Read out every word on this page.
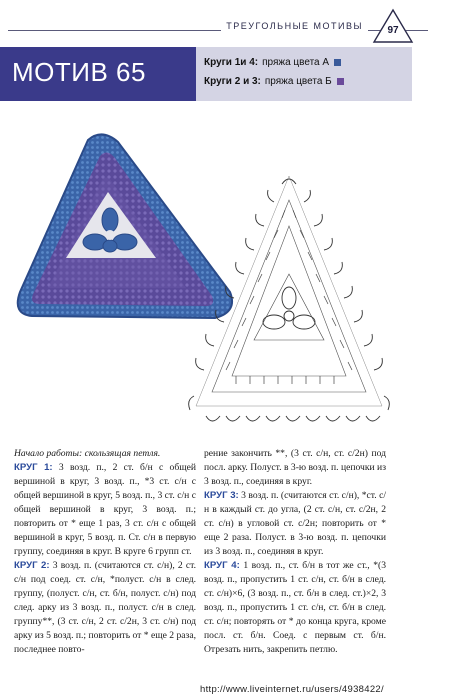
ТРЕУГОЛЬНЫЕ МОТИВЫ	97
МОТИВ 65	Круги 1и 4: пряжа цвета А
Круги 2 и 3: пряжа цвета Б

Начало работы: скользящая петля.

КРУГ 1: 3 возд. п., 2 ст. б/н с общей вершиной в круг, 3 возд. п., *3 ст. с/н с общей вершиной в круг, 5 возд. п., 3 ст. с/н с общей вершиной в круг, 3 возд. п.; повторить от * еще 1 раз, 3 ст. с/н с общей вершиной в круг, 5 возд. п. Ст. с/н в первую группу, соединяя в круг. В круге 6 групп ст.

КРУГ 2: 3 возд. п. (считаются ст. с/н), 2 ст. с/н под соед. ст. с/н, *полуст. с/н в след. группу, (полуст. с/н, ст. б/н, полуст. с/н) под след. арку из 3 возд. п., полуст. с/н в след. группу**, (3 ст. с/н, 2 ст. с/2н, 3 ст. с/н) под арку из 5 возд. п.; повторить от * еще 2 раза, последнее повто-

рение закончить **, (3 ст. с/н, ст. с/2н) под посл. арку. Полуст. в 3-ю возд. п. цепочки из 3 возд. п., соединяя в круг.

КРУГ 3: 3 возд. п. (считаются ст. с/н), *ст. с/н в каждый ст. до угла, (2 ст. с/н, ст. с/2н, 2 ст. с/н) в угловой ст. с/2н; повторить от * еще 2 раза. Полуст. в 3-ю возд. п. цепочки из 3 возд. п., соединяя в круг.

КРУГ 4: 1 возд. п., ст. б/н в тот же ст., *(3 возд. п., пропустить 1 ст. с/н, ст. б/н в след. ст. с/н)×6, (3 возд. п., ст. б/н в след. ст.)×2, 3 возд. п., пропустить 1 ст. с/н, ст. б/н в след. ст. с/н; повторять от * до конца круга, кроме посл. ст. б/н. Соед. с первым ст. б/н. Отрезать нить, закрепить петлю.

http://www.liveinternet.ru/users/4938422/
